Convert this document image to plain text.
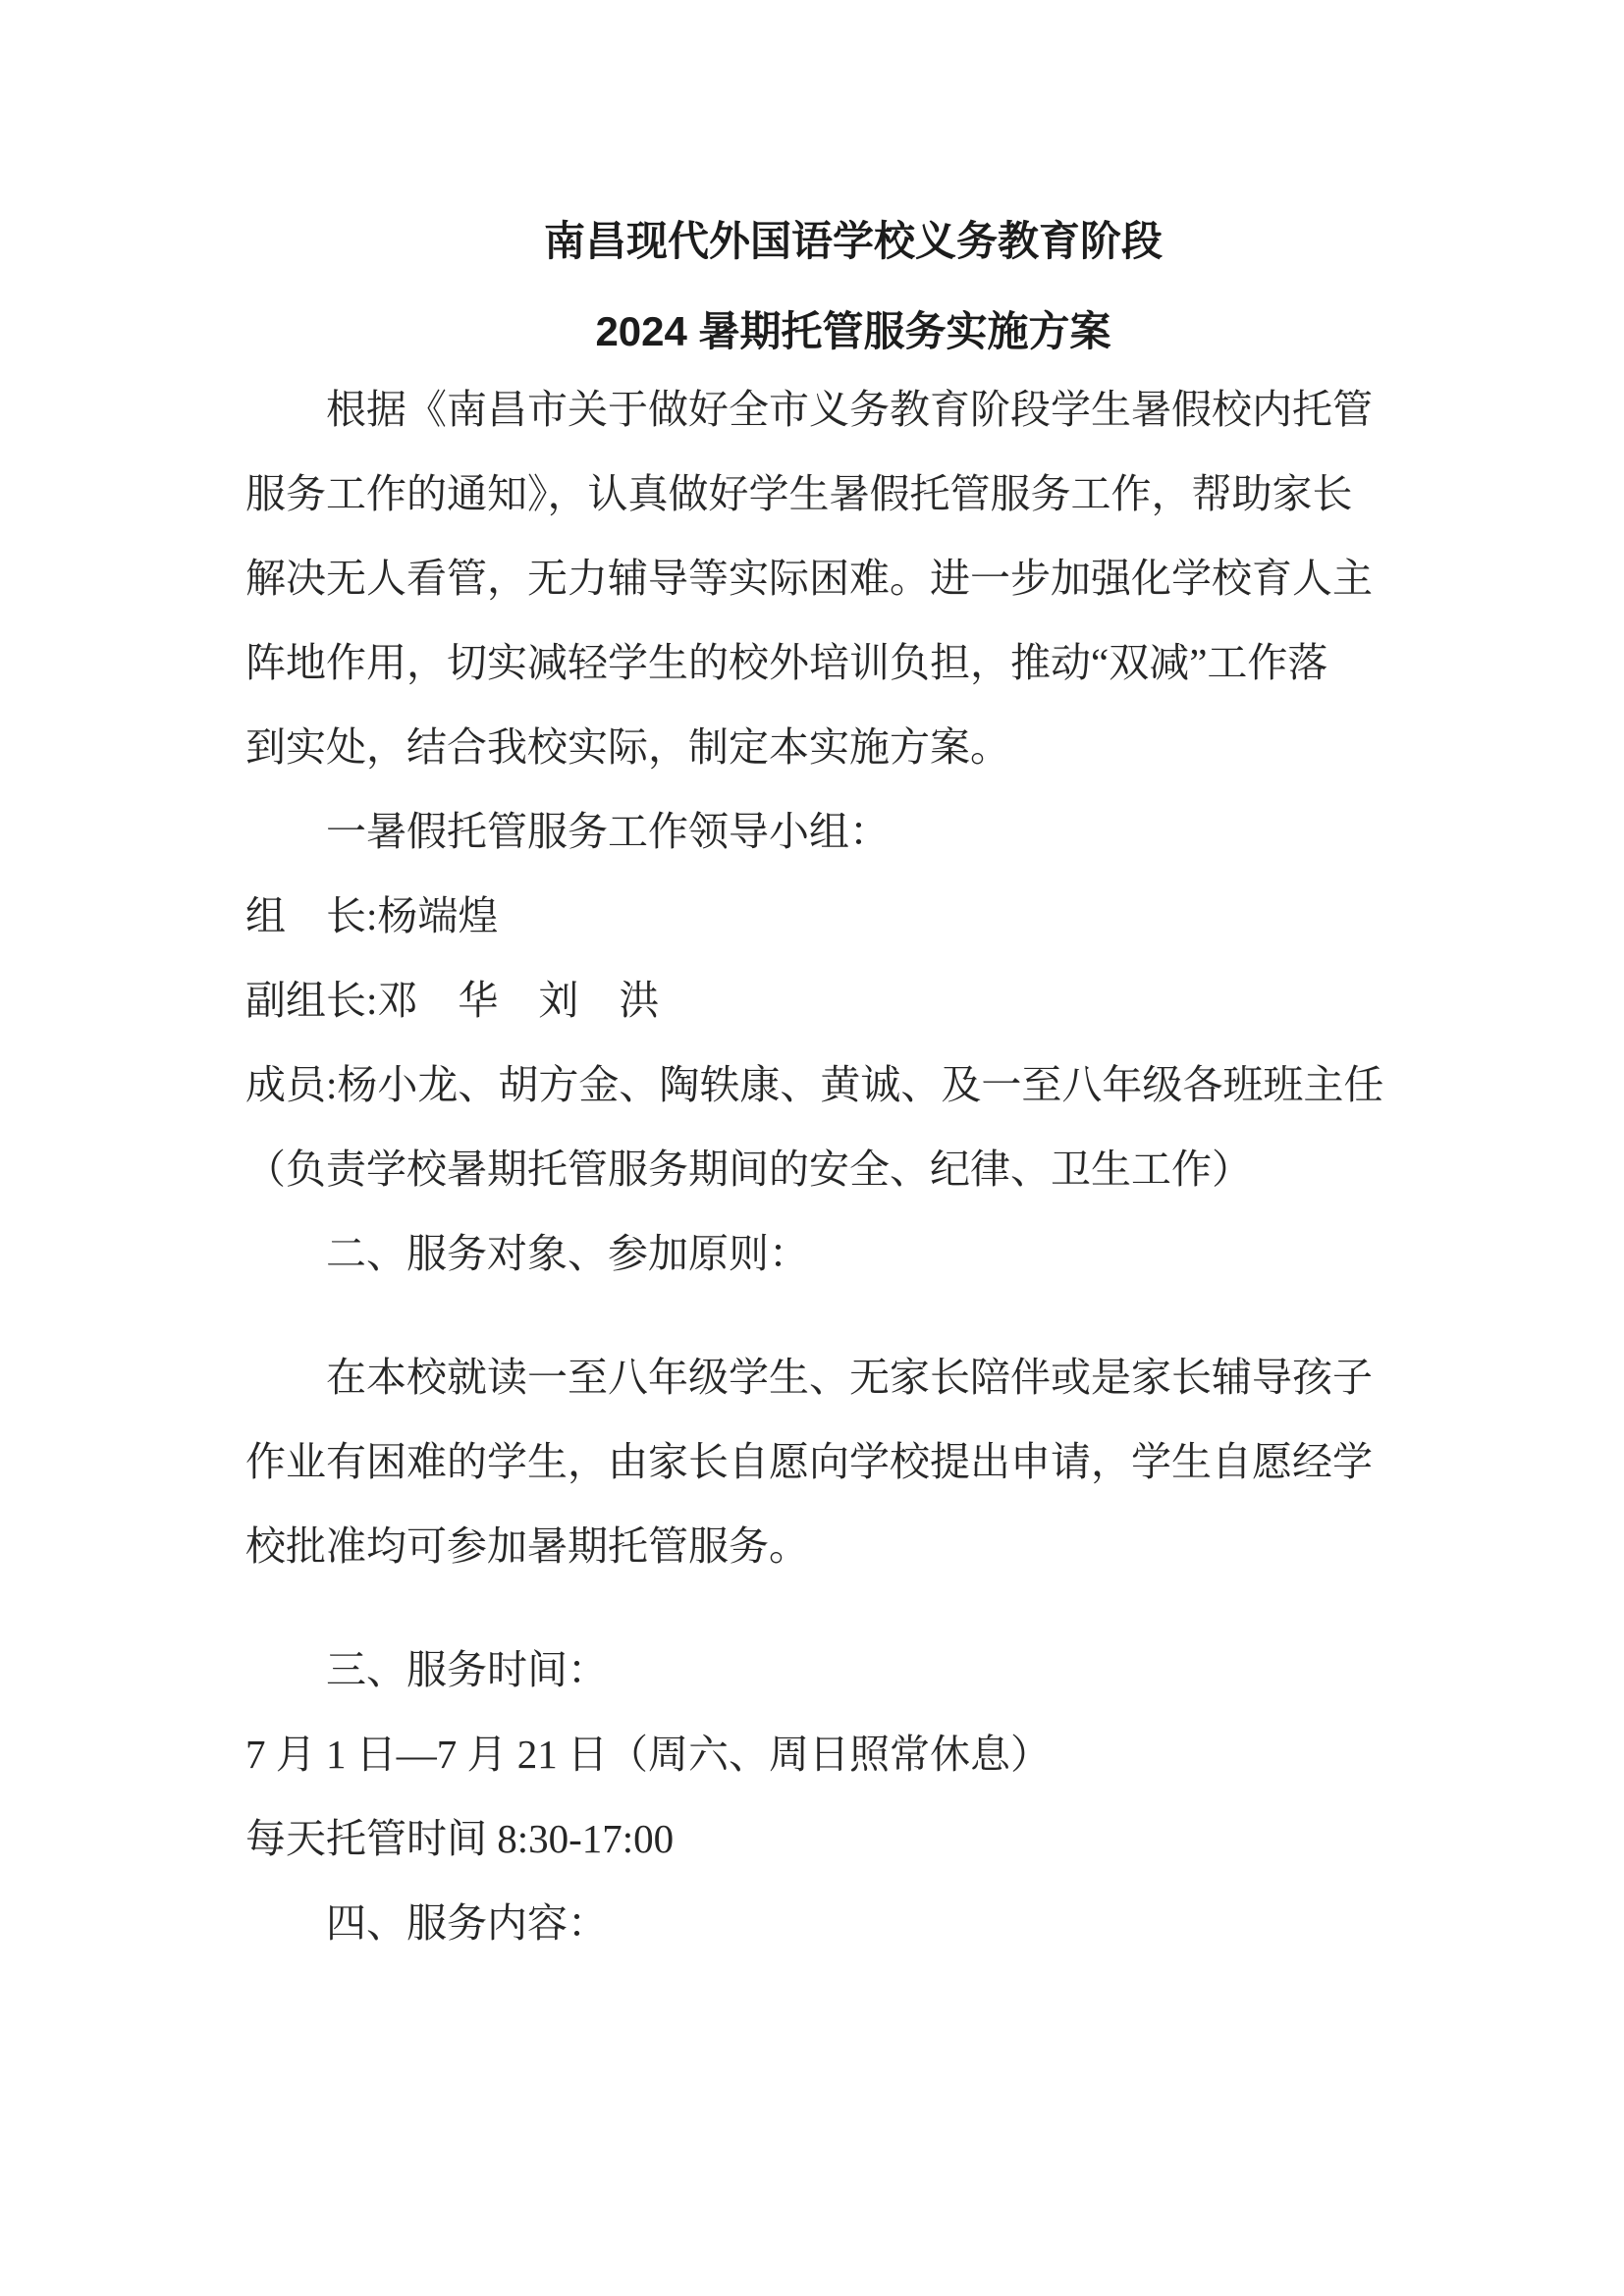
南昌现代外国语学校义务教育阶段
2024 暑期托管服务实施方案
根据《南昌市关于做好全市义务教育阶段学生暑假校内托管
服务工作的通知》，认真做好学生暑假托管服务工作，帮助家长
解决无人看管，无力辅导等实际困难。进一步加强化学校育人主
阵地作用，切实减轻学生的校外培训负担，推动“双减”工作落
到实处，结合我校实际，制定本实施方案。
一暑假托管服务工作领导小组：
组　长:杨端煌
副组长:邓　华　刘　洪
成员:杨小龙、胡方金、陶轶康、黄诚、及一至八年级各班班主任
（负责学校暑期托管服务期间的安全、纪律、卫生工作）
二、服务对象、参加原则：
在本校就读一至八年级学生、无家长陪伴或是家长辅导孩子
作业有困难的学生，由家长自愿向学校提出申请，学生自愿经学
校批准均可参加暑期托管服务。
三、服务时间：
7 月 1 日—7 月 21 日（周六、周日照常休息）
每天托管时间 8:30-17:00
四、服务内容：
